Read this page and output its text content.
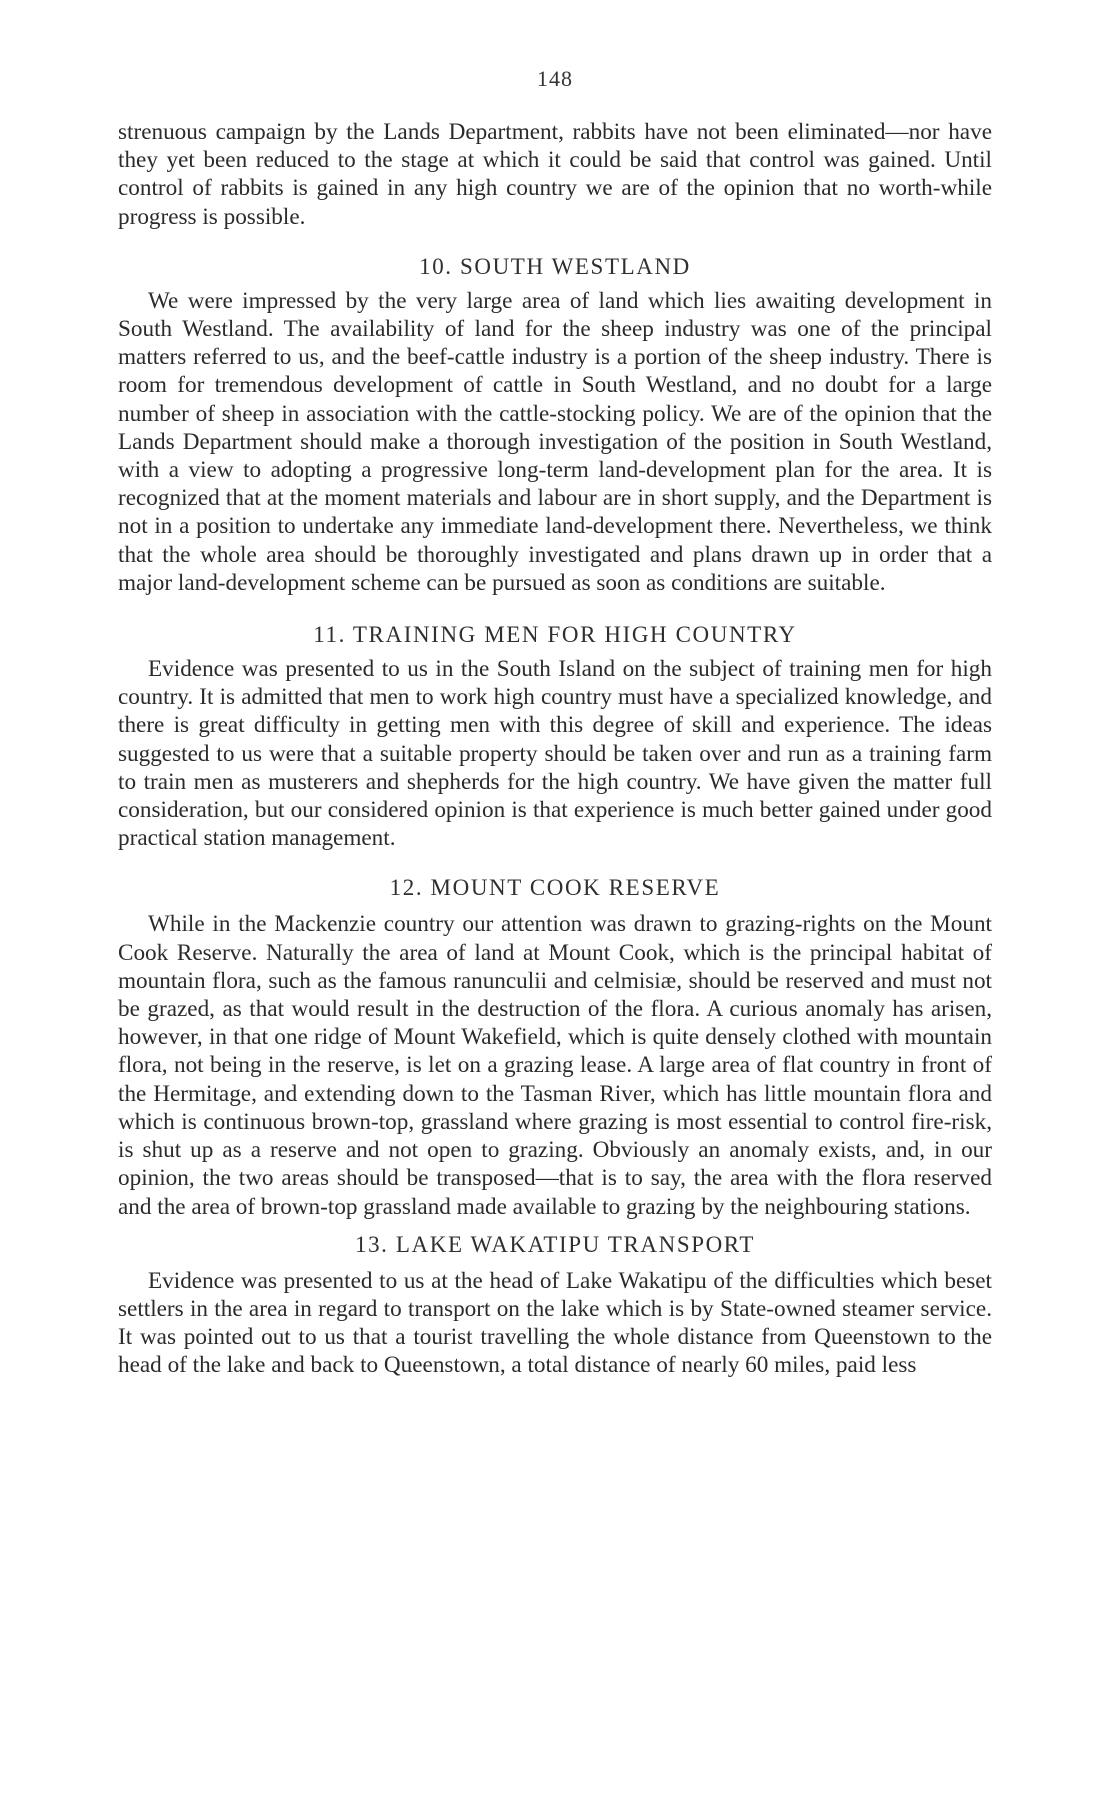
148

strenuous campaign by the Lands Department, rabbits have not been eliminated—nor have they yet been reduced to the stage at which it could be said that control was gained. Until control of rabbits is gained in any high country we are of the opinion that no worth-while progress is possible.

10. SOUTH WESTLAND

We were impressed by the very large area of land which lies awaiting development in South Westland. The availability of land for the sheep industry was one of the principal matters referred to us, and the beef-cattle industry is a portion of the sheep industry. There is room for tremendous development of cattle in South Westland, and no doubt for a large number of sheep in association with the cattle-stocking policy. We are of the opinion that the Lands Department should make a thorough investigation of the position in South Westland, with a view to adopting a progressive long-term land-development plan for the area. It is recognized that at the moment materials and labour are in short supply, and the Department is not in a position to undertake any immediate land-development there. Nevertheless, we think that the whole area should be thoroughly investigated and plans drawn up in order that a major land-development scheme can be pursued as soon as conditions are suitable.

11. TRAINING MEN FOR HIGH COUNTRY

Evidence was presented to us in the South Island on the subject of training men for high country. It is admitted that men to work high country must have a specialized knowledge, and there is great difficulty in getting men with this degree of skill and experience. The ideas suggested to us were that a suitable property should be taken over and run as a training farm to train men as musterers and shepherds for the high country. We have given the matter full consideration, but our considered opinion is that experience is much better gained under good practical station management.

12. MOUNT COOK RESERVE

While in the Mackenzie country our attention was drawn to grazing-rights on the Mount Cook Reserve. Naturally the area of land at Mount Cook, which is the principal habitat of mountain flora, such as the famous ranunculii and celmisiæ, should be reserved and must not be grazed, as that would result in the destruction of the flora. A curious anomaly has arisen, however, in that one ridge of Mount Wakefield, which is quite densely clothed with mountain flora, not being in the reserve, is let on a grazing lease. A large area of flat country in front of the Hermitage, and extending down to the Tasman River, which has little mountain flora and which is continuous brown-top, grassland where grazing is most essential to control fire-risk, is shut up as a reserve and not open to grazing. Obviously an anomaly exists, and, in our opinion, the two areas should be transposed—that is to say, the area with the flora reserved and the area of brown-top grassland made available to grazing by the neighbouring stations.

13. LAKE WAKATIPU TRANSPORT

Evidence was presented to us at the head of Lake Wakatipu of the difficulties which beset settlers in the area in regard to transport on the lake which is by State-owned steamer service. It was pointed out to us that a tourist travelling the whole distance from Queenstown to the head of the lake and back to Queenstown, a total distance of nearly 60 miles, paid less
